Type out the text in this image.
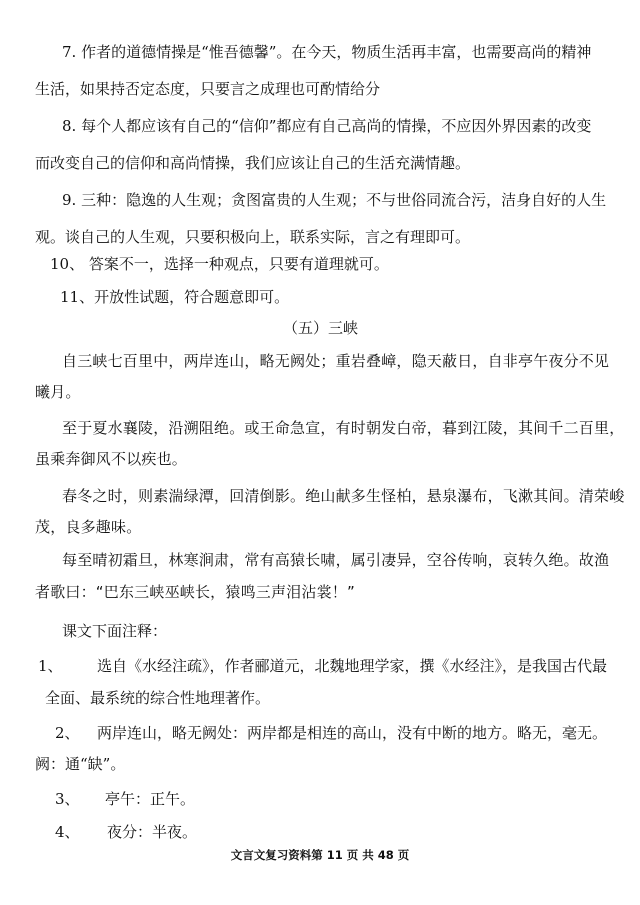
7. 作者的道德情操是“惟吾德馨”。在今天，物质生活再丰富，也需要高尚的精神

生活，如果持否定态度，只要言之成理也可酌情给分

8. 每个人都应该有自己的“信仰”都应有自己高尚的情操，不应因外界因素的改变

而改变自己的信仰和高尚情操，我们应该让自己的生活充满情趣。

9. 三种：隐逸的人生观；贪图富贵的人生观；不与世俗同流合污，洁身自好的人生

观。谈自己的人生观，只要积极向上，联系实际，言之有理即可。

10、 答案不一，选择一种观点，只要有道理就可。

11、开放性试题，符合题意即可。

（五）三峡

自三峡七百里中，两岸连山，略无阙处；重岩叠嶂，隐天蔽日，自非亭午夜分不见

曦月。

至于夏水襄陵，沿溯阻绝。或王命急宣，有时朝发白帝，暮到江陵，其间千二百里，

虽乘奔御风不以疾也。

春冬之时，则素湍绿潭，回清倒影。绝山献多生怪柏，悬泉瀑布，飞漱其间。清荣峻

茂，良多趣味。

每至晴初霜旦，林寒涧肃，常有高猿长啸，属引凄异，空谷传响，哀转久绝。故渔

者歌曰：“巴东三峡巫峡长，猿鸣三声泪沾裳！”

课文下面注释：

1、 选自《水经注疏》，作者郦道元，北魏地理学家，撰《水经注》，是我国古代最

全面、最系统的综合性地理著作。

2、 两岸连山，略无阙处：两岸都是相连的高山，没有中断的地方。略无，毫无。

阙：通“缺”。

3、 亭午：正午。

4、 夜分：半夜。

文言文复习资料第 11 页 共 48 页
